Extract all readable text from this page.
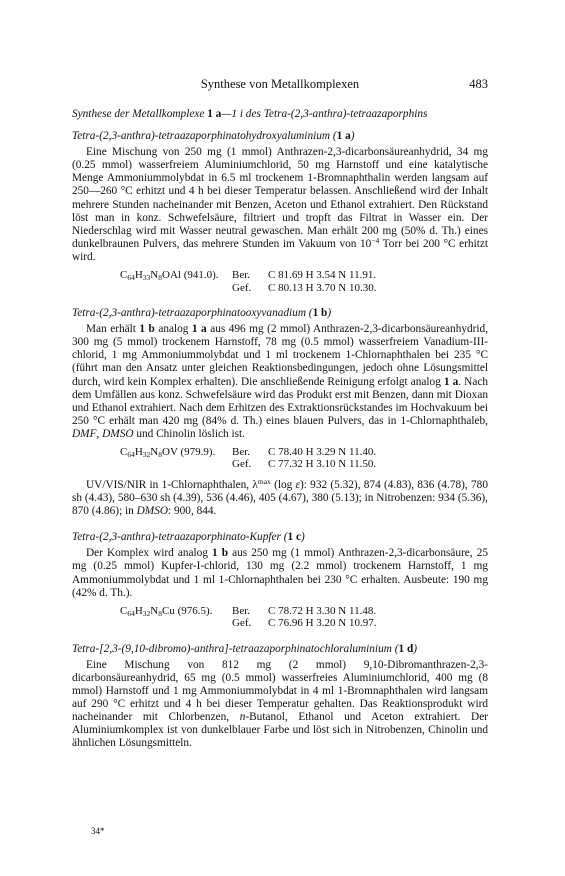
Synthese von Metallkomplexen	483
Synthese der Metallkomplexe 1 a—1 i des Tetra-(2,3-anthra)-tetraazaporphins
Tetra-(2,3-anthra)-tetraazaporphinatohydroxyaluminium (1 a)

Eine Mischung von 250 mg (1 mmol) Anthrazen-2,3-dicarbonsäureanhydrid, 34 mg (0.25 mmol) wasserfreiem Aluminiumchlorid, 50 mg Harnstoff und eine katalytische Menge Ammoniummolybdat in 6.5 ml trockenem 1-Bromnaphthalin werden langsam auf 250—260 °C erhitzt und 4 h bei dieser Temperatur belassen. Anschließend wird der Inhalt mehrere Stunden nacheinander mit Benzen, Aceton und Ethanol extrahiert. Den Rückstand löst man in konz. Schwefelsäure, filtriert und tropft das Filtrat in Wasser ein. Der Niederschlag wird mit Wasser neutral gewaschen. Man erhält 200 mg (50% d. Th.) eines dunkelbraunen Pulvers, das mehrere Stunden im Vakuum von $10^{-4}$ Torr bei 200 °C erhitzt wird.

$C_{64}H_{33}N_8OAl$ (941.0).	Ber.	C 81.69 H 3.54 N 11.91.
Gef.	C 80.13 H 3.70 N 10.30.
Tetra-(2,3-anthra)-tetraazaporphinatooxyvanadium (1 b)

Man erhält 1 b analog 1 a aus 496 mg (2 mmol) Anthrazen-2,3-dicarbonsäureanhydrid, 300 mg (5 mmol) trockenem Harnstoff, 78 mg (0.5 mmol) wasserfreiem Vanadium-III-chlorid, 1 mg Ammoniummolybdat und 1 ml trockenem 1-Chlornaphthalen bei 235 °C (führt man den Ansatz unter gleichen Reaktionsbedingungen, jedoch ohne Lösungsmittel durch, wird kein Komplex erhalten). Die anschließende Reinigung erfolgt analog 1 a. Nach dem Umfällen aus konz. Schwefelsäure wird das Produkt erst mit Benzen, dann mit Dioxan und Ethanol extrahiert. Nach dem Erhitzen des Extraktionsrückstandes im Hochvakuum bei 250 °C erhält man 420 mg (84% d. Th.) eines blauen Pulvers, das in 1-Chlornaphthaleb, DMF, DMSO und Chinolin löslich ist.

$C_{64}H_{32}N_8OV$ (979.9).	Ber.	C 78.40 H 3.29 N 11.40.
Gef.	C 77.32 H 3.10 N 11.50.

UV/VIS/NIR in 1-Chlornaphthalen, $\lambda^{max}$ (log ε): 932 (5.32), 874 (4.83), 836 (4.78), 780 sh (4.43), 580–630 sh (4.39), 536 (4.46), 405 (4.67), 380 (5.13); in Nitrobenzen: 934 (5.36), 870 (4.86); in DMSO: 900, 844.

Tetra-(2,3-anthra)-tetraazaporphinato-Kupfer (1 c)

Der Komplex wird analog 1 b aus 250 mg (1 mmol) Anthrazen-2,3-dicarbonsäure, 25 mg (0.25 mmol) Kupfer-I-chlorid, 130 mg (2.2 mmol) trockenem Harnstoff, 1 mg Ammoniummolybdat und 1 ml 1-Chlornaphthalen bei 230 °C erhalten. Ausbeute: 190 mg (42% d. Th.).

$C_{64}H_{32}N_8Cu$ (976.5).	Ber.	C 78.72 H 3.30 N 11.48.
Gef.	C 76.96 H 3.20 N 10.97.
Tetra-[2,3-(9,10-dibromo)-anthra]-tetraazaporphinatochloraluminium (1 d)

Eine Mischung von 812 mg (2 mmol) 9,10-Dibromanthrazen-2,3-dicarbonsäureanhydrid, 65 mg (0.5 mmol) wasserfreies Aluminiumchlorid, 400 mg (8 mmol) Harnstoff und 1 mg Ammoniummolybdat in 4 ml 1-Bromnaphthalen wird langsam auf 290 °C erhitzt und 4 h bei dieser Temperatur gehalten. Das Reaktionsprodukt wird nacheinander mit Chlorbenzen, n-Butanol, Ethanol und Aceton extrahiert. Der Aluminiumkomplex ist von dunkelblauer Farbe und löst sich in Nitrobenzen, Chinolin und ähnlichen Lösungsmitteln.

34*
